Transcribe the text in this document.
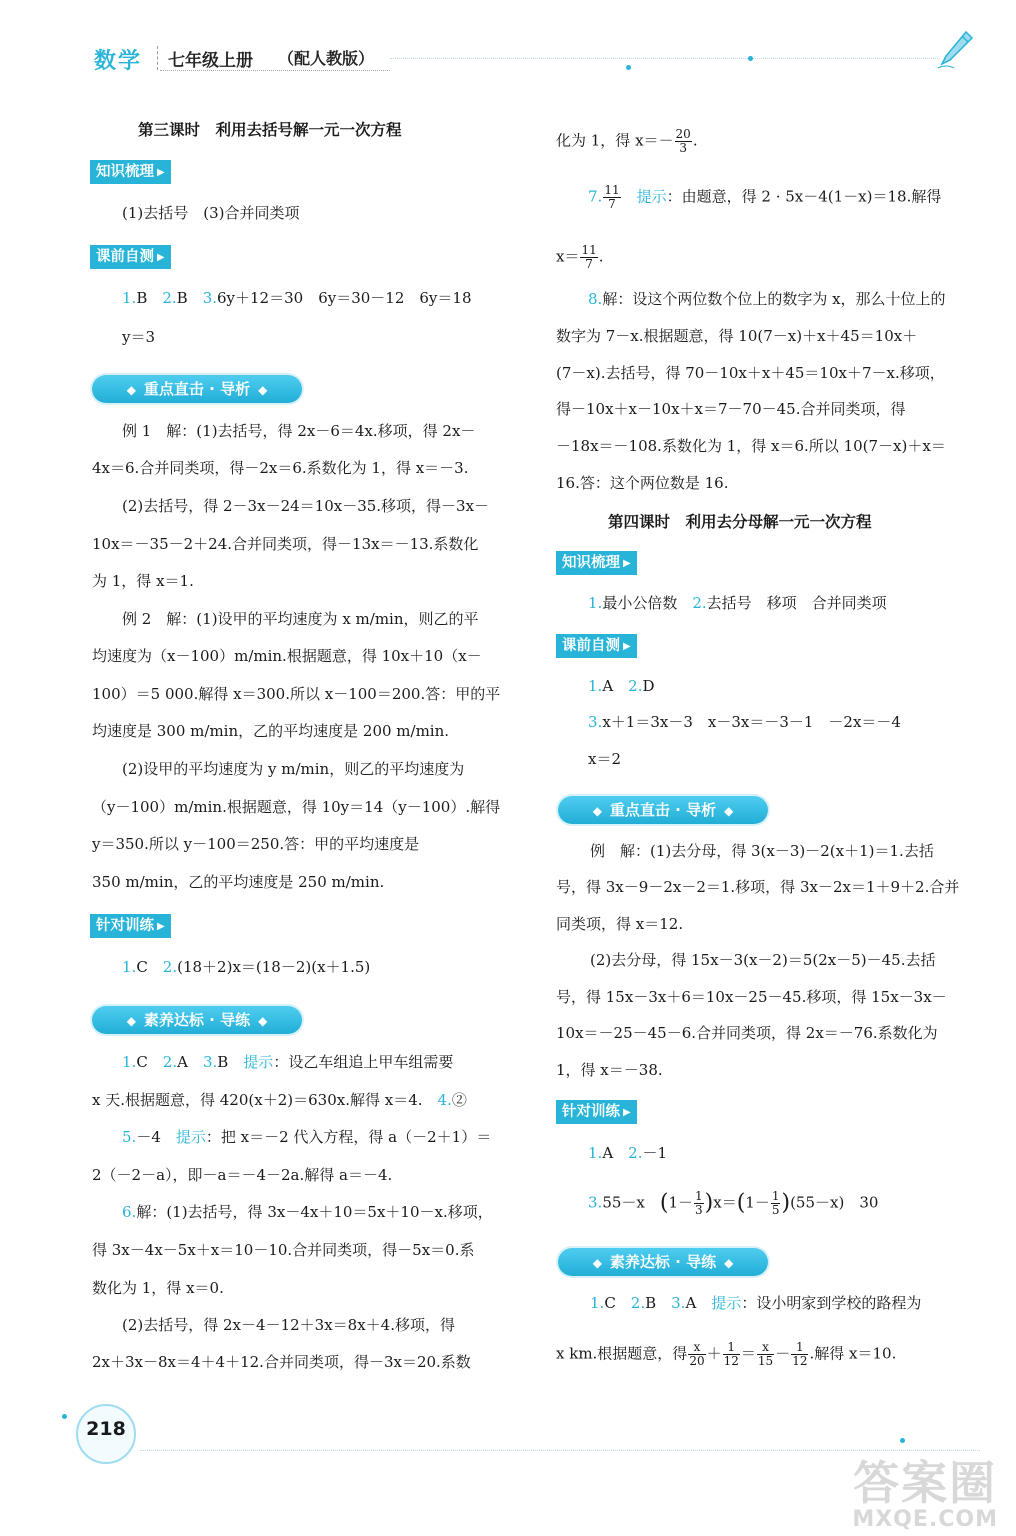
数学 七年级上册 （配人教版）
第三课时　利用去括号解一元一次方程
知识梳理 ▶
(1)去括号　(3)合并同类项
课前自测 ▶
1.B　2.B　3.6y＋12＝30　6y＝30－12　6y＝18
y＝3
◆ 重点直击 · 导析 ◆
例 1　解：(1)去括号，得 2x－6＝4x.移项，得 2x－
4x＝6.合并同类项，得－2x＝6.系数化为 1，得 x＝－3.
(2)去括号，得 2－3x－24＝10x－35.移项，得－3x－
10x＝－35－2＋24.合并同类项，得－13x＝－13.系数化
为 1，得 x＝1.
例 2　解：(1)设甲的平均速度为 x m/min，则乙的平
均速度为（x－100）m/min.根据题意，得 10x＋10（x－
100）＝5 000.解得 x＝300.所以 x－100＝200.答：甲的平
均速度是 300 m/min，乙的平均速度是 200 m/min.
(2)设甲的平均速度为 y m/min，则乙的平均速度为
（y－100）m/min.根据题意，得 10y＝14（y－100）.解得
y＝350.所以 y－100＝250.答：甲的平均速度是
350 m/min，乙的平均速度是 250 m/min.
针对训练 ▶
1.C　2.(18＋2)x＝(18－2)(x＋1.5)
◆ 素养达标 · 导练 ◆
1.C　2.A　3.B　提示：设乙车组追上甲车组需要
x 天.根据题意，得 420(x＋2)＝630x.解得 x＝4.　4.②
5.－4　提示：把 x＝－2 代入方程，得 a（－2＋1）＝
2（－2－a），即－a＝－4－2a.解得 a＝－4.
6.解：(1)去括号，得 3x－4x＋10＝5x＋10－x.移项，
得 3x－4x－5x＋x＝10－10.合并同类项，得－5x＝0.系
数化为 1，得 x＝0.
(2)去括号，得 2x－4－12＋3x＝8x＋4.移项，得
2x＋3x－8x＝4＋4＋12.合并同类项，得－3x＝20.系数
化为 1，得 $x=- \frac{20}{3}$ .
7. $\frac{11}{7}$
　 提示：由题意，得 2 · 5x－4(1－x)＝18.解得
$x= \frac{11}{7}$ .
8.解：设这个两位数个位上的数字为 x，那么十位上的
数字为 7－x.根据题意，得 10(7－x)＋x＋45＝10x＋
(7－x).去括号，得 70－10x＋x＋45＝10x＋7－x.移项，
得－10x＋x－10x＋x＝7－70－45.合并同类项，得
－18x＝－108.系数化为 1，得 x＝6.所以 10(7－x)＋x＝
16.答：这个两位数是 16.
第四课时　利用去分母解一元一次方程
知识梳理 ▶
1.最小公倍数　2.去括号　移项　合并同类项
课前自测 ▶
1.A　2.D
3.x＋1＝3x－3　x－3x＝－3－1　－2x＝－4
x＝2
◆ 重点直击 · 导析 ◆
例　解：(1)去分母，得 3(x－3)－2(x＋1)＝1.去括
号，得 3x－9－2x－2＝1.移项，得 3x－2x＝1＋9＋2.合并
同类项，得 x＝12.
(2)去分母，得 15x－3(x－2)＝5(2x－5)－45.去括
号，得 15x－3x＋6＝10x－25－45.移项，得 15x－3x－
10x＝－25－45－6.合并同类项，得 2x＝－76.系数化为
1，得 x＝－38.
针对训练 ▶
1.A　2.－1
3.55－x　$(1- \frac{1}{3} )x=(1- \frac{1}{5} )(55-x)$　30
◆ 素养达标 · 导练 ◆
1.C　2.B　3.A　提示：设小明家到学校的路程为
x km.根据题意，得 $\frac{x}{20} + \frac{1}{12} = \frac{x}{15} - \frac{1}{12}$ .解得 x＝10.
218
答案圈
MXQE.COM
